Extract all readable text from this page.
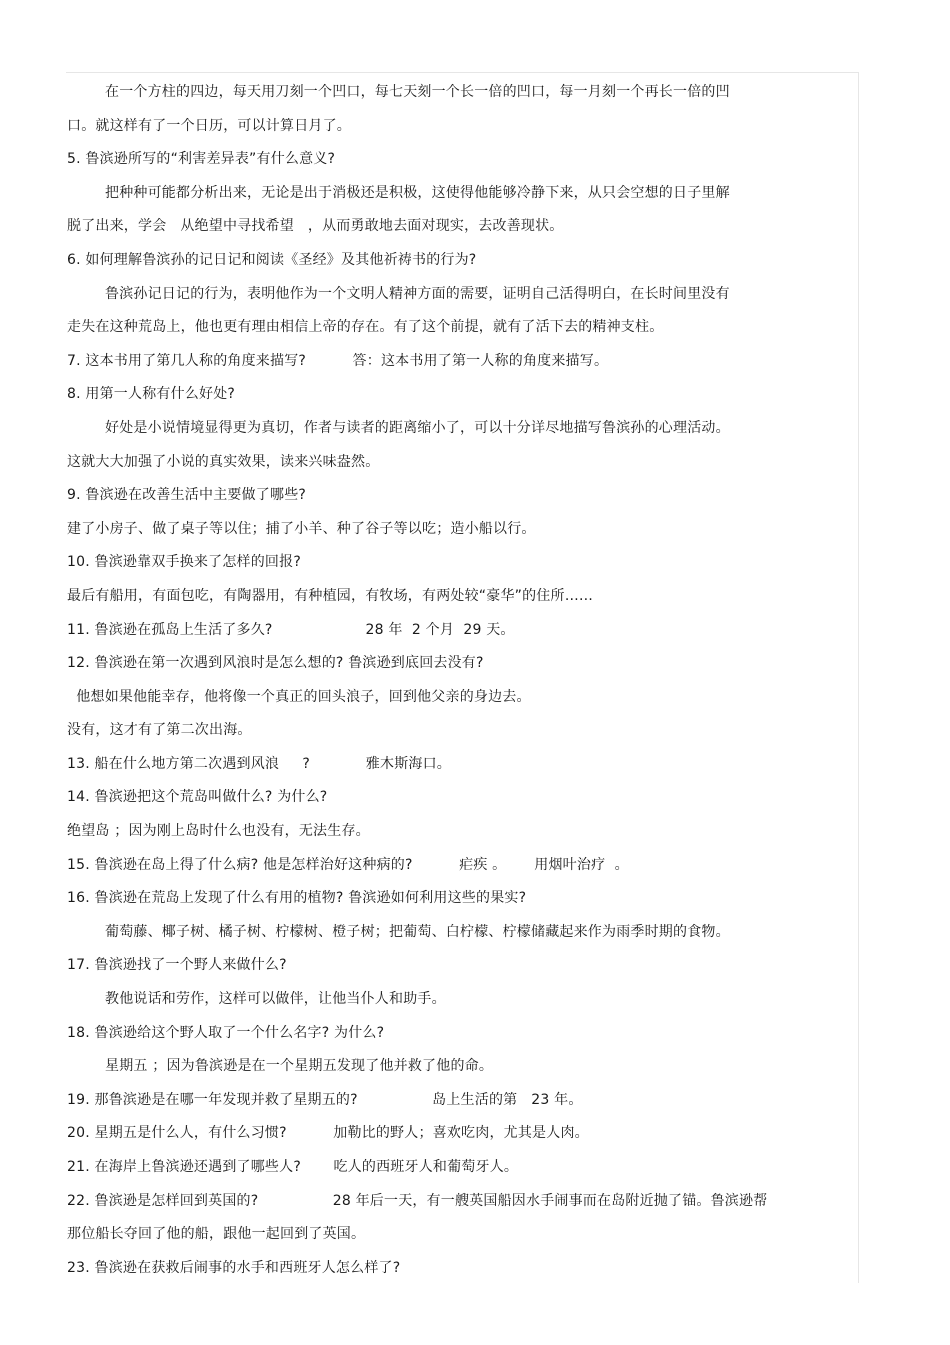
在一个方柱的四边，每天用刀刻一个凹口，每七天刻一个长一倍的凹口，每一月刻一个再长一倍的凹
口。就这样有了一个日历，可以计算日月了。
5. 鲁滨逊所写的“利害差异表”有什么意义?
把种种可能都分析出来，无论是出于消极还是积极，这使得他能够冷静下来，从只会空想的日子里解
脱了出来，学会   从绝望中寻找希望   ，从而勇敢地去面对现实，去改善现状。
6. 如何理解鲁滨孙的记日记和阅读《圣经》及其他祈祷书的行为?
鲁滨孙记日记的行为，表明他作为一个文明人精神方面的需要，证明自己活得明白，在长时间里没有
走失在这种荒岛上，他也更有理由相信上帝的存在。有了这个前提，就有了活下去的精神支柱。
7. 这本书用了第几人称的角度来描写?          答：这本书用了第一人称的角度来描写。
8. 用第一人称有什么好处?
好处是小说情境显得更为真切，作者与读者的距离缩小了，可以十分详尽地描写鲁滨孙的心理活动。
这就大大加强了小说的真实效果，读来兴味盎然。
9. 鲁滨逊在改善生活中主要做了哪些?
建了小房子、做了桌子等以住；捕了小羊、种了谷子等以吃；造小船以行。
10. 鲁滨逊靠双手换来了怎样的回报?
最后有船用，有面包吃，有陶器用，有种植园，有牧场，有两处较“豪华”的住所……
11. 鲁滨逊在孤岛上生活了多久?                    28 年  2 个月  29 天。
12. 鲁滨逊在第一次遇到风浪时是怎么想的? 鲁滨逊到底回去没有?
他想如果他能幸存，他将像一个真正的回头浪子，回到他父亲的身边去。
没有，这才有了第二次出海。
13. 船在什么地方第二次遇到风浪     ?            雅木斯海口。
14. 鲁滨逊把这个荒岛叫做什么? 为什么?
绝望岛 ；因为刚上岛时什么也没有，无法生存。
15. 鲁滨逊在岛上得了什么病? 他是怎样治好这种病的?          疟疾 。      用烟叶治疗  。
16. 鲁滨逊在荒岛上发现了什么有用的植物? 鲁滨逊如何利用这些的果实?
葡萄藤、椰子树、橘子树、柠檬树、橙子树；把葡萄、白柠檬、柠檬储藏起来作为雨季时期的食物。
17. 鲁滨逊找了一个野人来做什么?
教他说话和劳作，这样可以做伴，让他当仆人和助手。
18. 鲁滨逊给这个野人取了一个什么名字? 为什么?
星期五 ；因为鲁滨逊是在一个星期五发现了他并救了他的命。
19. 那鲁滨逊是在哪一年发现并救了星期五的?                岛上生活的第   23 年。
20. 星期五是什么人，有什么习惯?          加勒比的野人；喜欢吃肉，尤其是人肉。
21. 在海岸上鲁滨逊还遇到了哪些人?       吃人的西班牙人和葡萄牙人。
22. 鲁滨逊是怎样回到英国的?                28 年后一天，有一艘英国船因水手闹事而在岛附近抛了锚。鲁滨逊帮
那位船长夺回了他的船，跟他一起回到了英国。
23. 鲁滨逊在获救后闹事的水手和西班牙人怎么样了?
